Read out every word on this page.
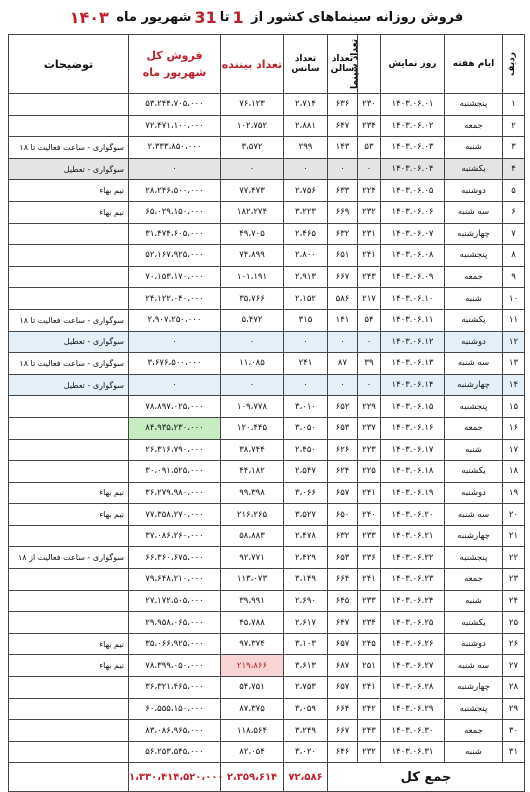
فروش روزانه سینماهای کشور از

1
تا
31
شهریور ماه

۱۴۰۳
ردیف	ایام هفته	روز نمایش	تعداد سینما	تعداد سالن	تعداد سانس	تعداد بیننده	فروش کل شهریور ماه	توضیحات
۱	پنجشنبه	۱۴۰۳.۰۶.۰۱	۲۳۰	۶۳۶	۲،۷۱۴	۷۶،۱۲۳	۵۳،۲۴۴،۷۰۵،۰۰۰	
۲	جمعه	۱۴۰۳.۰۶.۰۲	۲۳۴	۶۴۷	۲،۸۸۱	۱۰۲،۷۵۲	۷۲،۴۷۱،۱۰۰،۰۰۰	
۳	شنبه	۱۴۰۳.۰۶.۰۳	۵۳	۱۴۳	۲۹۹	۳،۵۷۲	۲،۳۳۳،۸۵۰،۰۰۰	سوگواری - ساعت فعالیت تا ۱۸
۴	یکشنبه	۱۴۰۳.۰۶.۰۴	۰	۰	۰	۰	۰	سوگواری - تعطیل
۵	دوشنبه	۱۴۰۳.۰۶.۰۵	۲۲۴	۶۳۳	۲،۷۵۶	۷۷،۴۷۳	۲۸،۲۴۶،۵۰۰،۰۰۰	نیم بهاء
۶	سه شنبه	۱۴۰۳.۰۶.۰۶	۲۳۲	۶۶۹	۳،۲۲۳	۱۸۲،۲۷۴	۶۵،۰۲۹،۱۵۰،۰۰۰	نیم بهاء
۷	چهارشنبه	۱۴۰۳.۰۶.۰۷	۲۳۱	۶۳۲	۲،۴۶۵	۴۹،۷۰۵	۳۱،۴۷۴،۶۰۵،۰۰۰	
۸	پنجشنبه	۱۴۰۳.۰۶.۰۸	۲۴۱	۶۵۱	۲،۸۰۰	۷۴،۸۹۹	۵۲،۱۶۷،۹۲۵،۰۰۰	
۹	جمعه	۱۴۰۳.۰۶.۰۹	۲۴۳	۶۶۷	۲،۹۱۳	۱۰۱،۱۹۱	۷۰،۱۵۳،۱۷۰،۰۰۰	
۱۰	شنبه	۱۴۰۳.۰۶.۱۰	۲۱۷	۵۸۶	۲،۱۵۲	۳۵،۷۶۶	۲۴،۱۲۲،۰۴۰،۰۰۰	
۱۱	یکشنبه	۱۴۰۳.۰۶.۱۱	۵۴	۱۴۱	۳۱۵	۵،۴۷۲	۲،۹۰۷،۲۵۰،۰۰۰	سوگواری - ساعت فعالیت تا ۱۸
۱۲	دوشنبه	۱۴۰۳.۰۶.۱۲	۰	۰	۰	۰	۰	سوگواری - تعطیل
۱۳	سه شنبه	۱۴۰۳.۰۶.۱۳	۳۹	۸۷	۲۴۱	۱۱،۰۸۵	۳،۶۷۶،۵۰۰،۰۰۰	سوگواری - ساعت فعالیت تا ۱۸
۱۴	چهارشنبه	۱۴۰۳.۰۶.۱۴	۰	۰	۰	۰	۰	سوگواری - تعطیل
۱۵	پنجشنبه	۱۴۰۳.۰۶.۱۵	۲۲۹	۶۵۲	۳،۰۱۰	۱۰۹،۷۷۸	۷۸،۸۹۷،۰۲۵،۰۰۰	
۱۶	جمعه	۱۴۰۳.۰۶.۱۶	۲۳۷	۶۵۳	۳،۰۵۰	۱۲۰،۴۴۵	۸۴،۹۳۵،۲۳۰،۰۰۰	
۱۷	شنبه	۱۴۰۳.۰۶.۱۷	۲۲۳	۶۲۶	۲،۴۵۰	۳۸،۷۴۴	۲۶،۳۱۶،۷۹۰،۰۰۰	
۱۸	یکشنبه	۱۴۰۳.۰۶.۱۸	۲۲۵	۶۲۴	۲،۵۴۷	۴۴،۱۸۲	۳۰،۰۹۱،۵۲۵،۰۰۰	
۱۹	دوشنبه	۱۴۰۳.۰۶.۱۹	۲۴۱	۶۵۷	۳،۰۶۶	۹۹،۳۹۸	۳۶،۲۷۹،۹۸۰،۰۰۰	نیم بهاء
۲۰	سه شنبه	۱۴۰۳.۰۶.۲۰	۲۴۰	۶۵۰	۳،۵۲۷	۲۱۶،۲۶۵	۷۷،۳۵۸،۲۷۰،۰۰۰	نیم بهاء
۲۱	چهارشنبه	۱۴۰۳.۰۶.۲۱	۲۳۳	۶۳۲	۲،۴۷۸	۵۸،۸۸۳	۳۷،۰۸۶،۲۶۰،۰۰۰	
۲۲	پنجشنبه	۱۴۰۳.۰۶.۲۲	۲۳۶	۶۵۳	۲،۴۲۹	۹۲،۷۷۱	۶۶،۳۶۰،۶۷۵،۰۰۰	سوگواری - ساعت فعالیت از ۱۸
۲۳	جمعه	۱۴۰۳.۰۶.۲۳	۲۴۱	۶۶۴	۳،۱۴۹	۱۱۳،۰۷۳	۷۹،۶۴۸،۲۱۰،۰۰۰	
۲۴	شنبه	۱۴۰۳.۰۶.۲۴	۲۳۳	۶۴۵	۲،۶۹۰	۳۹،۹۹۱	۲۷،۱۷۲،۵۰۵،۰۰۰	
۲۵	یکشنبه	۱۴۰۳.۰۶.۲۵	۲۳۴	۶۴۷	۲،۶۱۷	۴۵،۷۸۸	۲۹،۹۵۸،۰۶۵،۰۰۰	
۲۶	دوشنبه	۱۴۰۳.۰۶.۲۶	۲۴۵	۶۵۷	۳،۱۰۳	۹۷،۳۷۴	۳۵،۰۶۶،۹۲۵،۰۰۰	نیم بهاء
۲۷	سه شنبه	۱۴۰۳.۰۶.۲۷	۲۵۱	۶۸۷	۳،۶۱۳	۲۱۹،۸۶۶	۷۸،۳۹۹،۰۵۰،۰۰۰	نیم بهاء
۲۸	چهارشنبه	۱۴۰۳.۰۶.۲۸	۲۴۱	۶۵۷	۲،۷۵۳	۵۴،۷۵۱	۳۶،۳۲۱،۴۶۵،۰۰۰	
۲۹	پنجشنبه	۱۴۰۳.۰۶.۲۹	۲۴۲	۶۶۴	۳،۰۵۹	۸۷،۳۷۵	۶۰،۵۵۵،۱۵۰،۰۰۰	
۳۰	جمعه	۱۴۰۳.۰۶.۳۰	۲۴۳	۶۶۷	۳،۲۴۹	۱۱۸،۵۶۴	۸۳،۰۸۶،۹۶۵،۰۰۰	
۳۱	شنبه	۱۴۰۳.۰۶.۳۱	۲۳۲	۶۴۶	۳،۰۲۰	۸۲،۰۵۴	۵۶،۲۵۳،۵۴۵،۰۰۰	
جمع کل					۷۲،۵۸۶	۲،۳۵۹،۶۱۴	۱،۳۳۰،۴۱۴،۵۲۰،۰۰۰	
